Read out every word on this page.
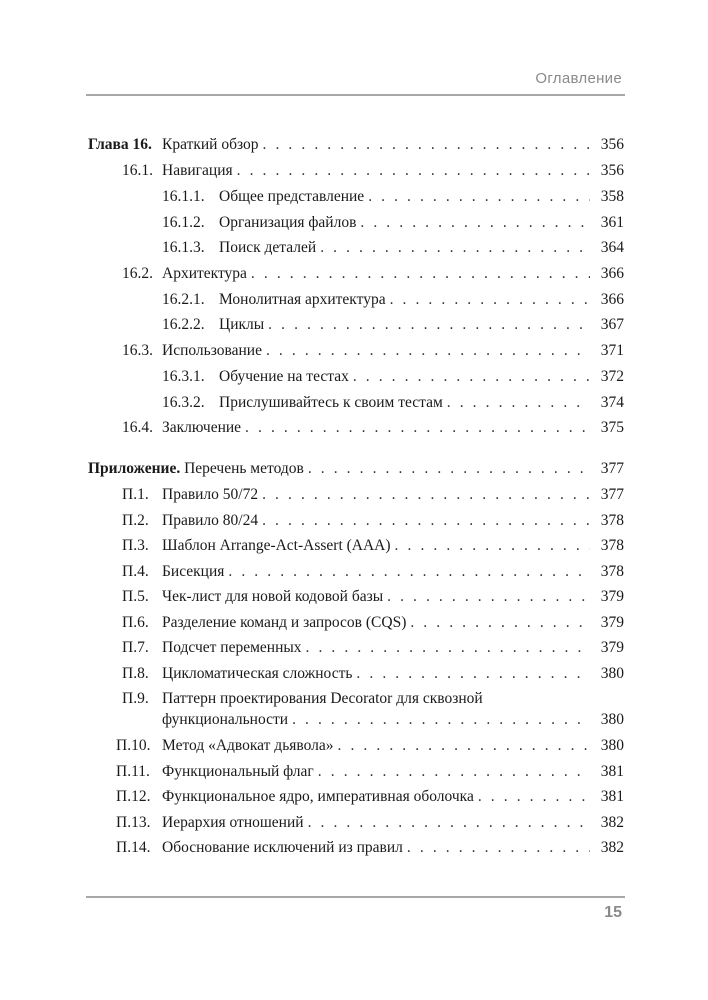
Оглавление
Глава 16. Краткий обзор . . .	356
16.1. Навигация . . .	356
16.1.1. Общее представление . . .	358
16.1.2. Организация файлов . . .	361
16.1.3. Поиск деталей . . .	364
16.2. Архитектура . . .	366
16.2.1. Монолитная архитектура . . .	366
16.2.2. Циклы . . .	367
16.3. Использование . . .	371
16.3.1. Обучение на тестах . . .	372
16.3.2. Прислушивайтесь к своим тестам . . .	374
16.4. Заключение . . .	375
Приложение. Перечень методов . . .	377
П.1. Правило 50/72 . . .	377
П.2. Правило 80/24 . . .	378
П.3. Шаблон Arrange-Act-Assert (AAA) . . .	378
П.4. Бисекция . . .	378
П.5. Чек-лист для новой кодовой базы . . .	379
П.6. Разделение команд и запросов (CQS) . . .	379
П.7. Подсчет переменных . . .	379
П.8. Цикломатическая сложность . . .	380
П.9. Паттерн проектирования Decorator для сквозной
функциональности . . .	380
П.10. Метод «Адвокат дьявола» . . .	380
П.11. Функциональный флаг . . .	381
П.12. Функциональное ядро, императивная оболочка . . .	381
П.13. Иерархия отношений . . .	382
П.14. Обоснование исключений из правил . . .	382
15
